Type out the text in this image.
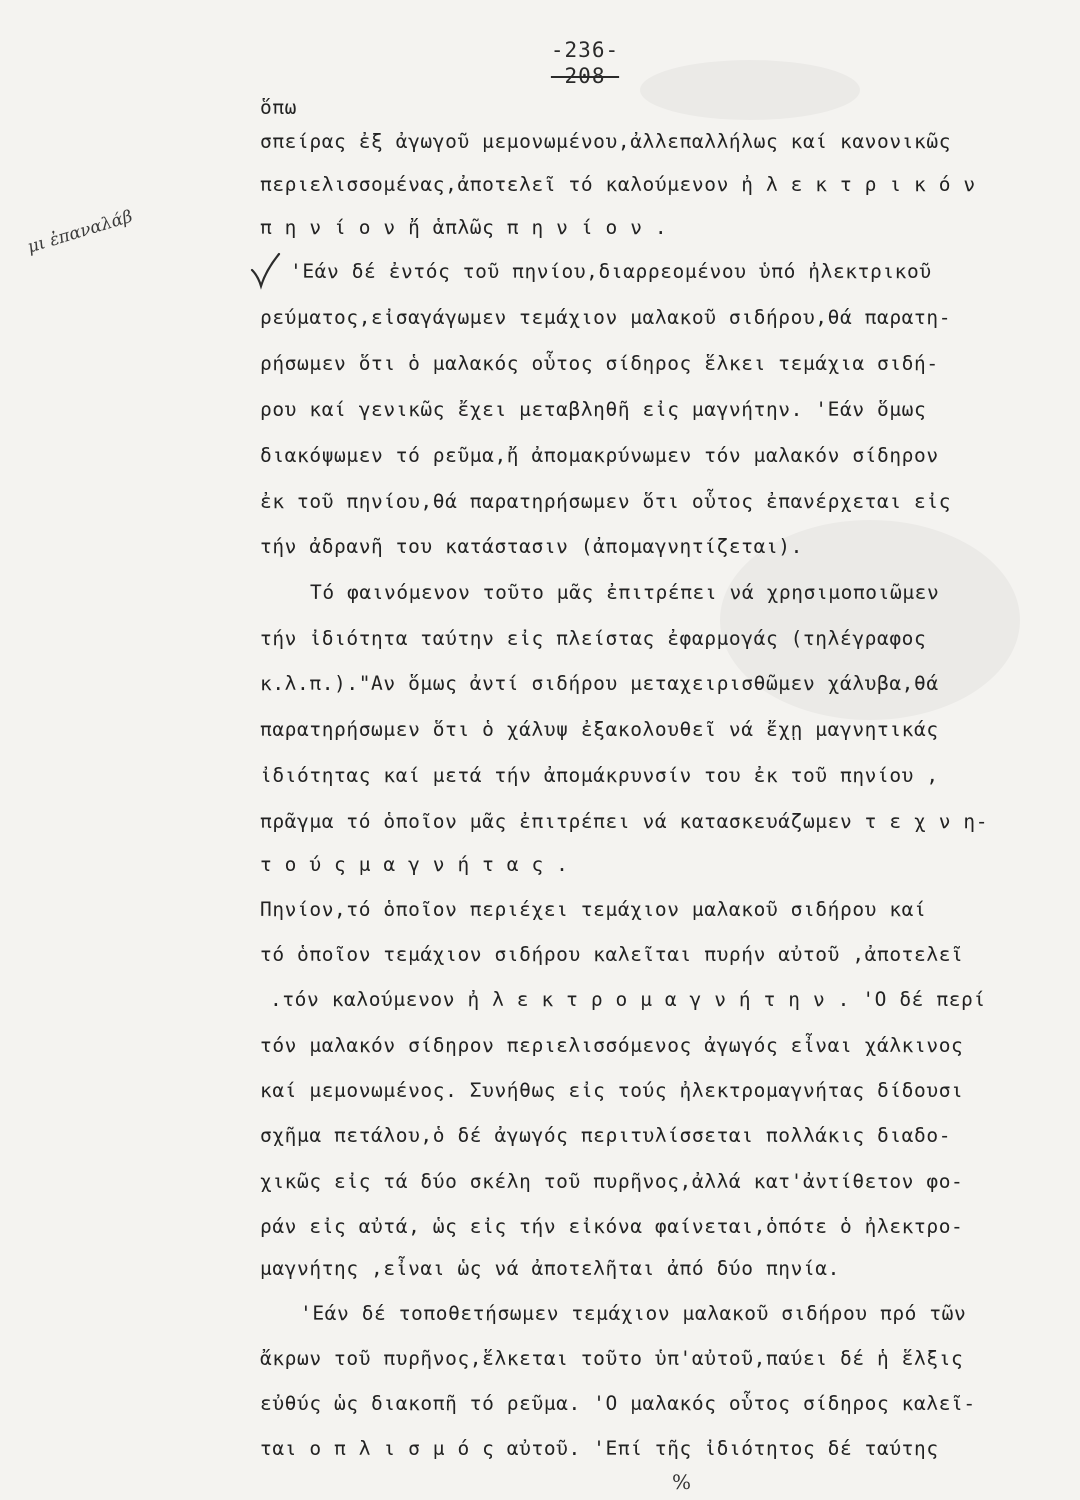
-236-
-208-
μι ἐπαναλάβ
ὅπω
σπείρας ἐξ ἀγωγοῦ μεμονωμένου,ἀλλεπαλλήλως καί κανονικῶς
περιελισσομένας,ἀποτελεῖ τό καλούμενον ἠ λ ε κ τ ρ ι κ ό ν
π η ν ί ο ν ἤ ἁπλῶς π η ν ί ο ν .
'Εάν δέ ἐντός τοῦ πηνίου,διαρρεομένου ὑπό ἠλεκτρικοῦ
ρεύματος,εἰσαγάγωμεν τεμάχιον μαλακοῦ σιδήρου,θά παρατη-
ρήσωμεν ὅτι ὁ μαλακός οὗτος σίδηρος ἕλκει τεμάχια σιδή-
ρου καί γενικῶς ἔχει μεταβληθῆ εἰς μαγνήτην. 'Εάν ὅμως
διακόψωμεν τό ρεῦμα,ἤ ἀπομακρύνωμεν τόν μαλακόν σίδηρον
ἐκ τοῦ πηνίου,θά παρατηρήσωμεν ὅτι οὗτος ἐπανέρχεται εἰς
τήν ἀδρανῆ του κατάστασιν (ἀπομαγνητίζεται).
Τό φαινόμενον τοῦτο μᾶς ἐπιτρέπει νά χρησιμοποιῶμεν
τήν ἰδιότητα ταύτην εἰς πλείστας ἐφαρμογάς (τηλέγραφος
κ.λ.π.)."Αν ὅμως ἀντί σιδήρου μεταχειρισθῶμεν χάλυβα,θά
παρατηρήσωμεν ὅτι ὁ χάλυψ ἐξακολουθεῖ νά ἔχῃ μαγνητικάς
ἰδιότητας καί μετά τήν ἀπομάκρυνσίν του ἐκ τοῦ πηνίου ,
πρᾶγμα τό ὁποῖον μᾶς ἐπιτρέπει νά κατασκευάζωμεν τ ε χ ν η-
τ ο ύ ς μ α γ ν ή τ α ς .
Πηνίον,τό ὁποῖον περιέχει τεμάχιον μαλακοῦ σιδήρου καί
τό ὁποῖον τεμάχιον σιδήρου καλεῖται πυρήν αὐτοῦ ,ἀποτελεῖ
.τόν καλούμενον ἠ λ ε κ τ ρ ο μ α γ ν ή τ η ν . 'Ο δέ περί
τόν μαλακόν σίδηρον περιελισσόμενος ἀγωγός εἶναι χάλκινος
καί μεμονωμένος. Συνήθως εἰς τούς ἠλεκτρομαγνήτας δίδουσι
σχῆμα πετάλου,ὁ δέ ἀγωγός περιτυλίσσεται πολλάκις διαδο-
χικῶς εἰς τά δύο σκέλη τοῦ πυρῆνος,ἀλλά κατ'ἀντίθετον φο-
ράν εἰς αὐτά, ὡς εἰς τήν εἰκόνα φαίνεται,ὁπότε ὁ ἠλεκτρο-
μαγνήτης ,εἶναι ὡς νά ἀποτελῆται ἀπό δύο πηνία.
'Εάν δέ τοποθετήσωμεν τεμάχιον μαλακοῦ σιδήρου πρό τῶν
ἄκρων τοῦ πυρῆνος,ἕλκεται τοῦτο ὑπ'αὐτοῦ,παύει δέ ἡ ἕλξις
εὐθύς ὡς διακοπῆ τό ρεῦμα. 'Ο μαλακός οὗτος σίδηρος καλεῖ-
ται ο π λ ι σ μ ό ς αὐτοῦ. 'Επί τῆς ἰδιότητος δέ ταύτης
%
